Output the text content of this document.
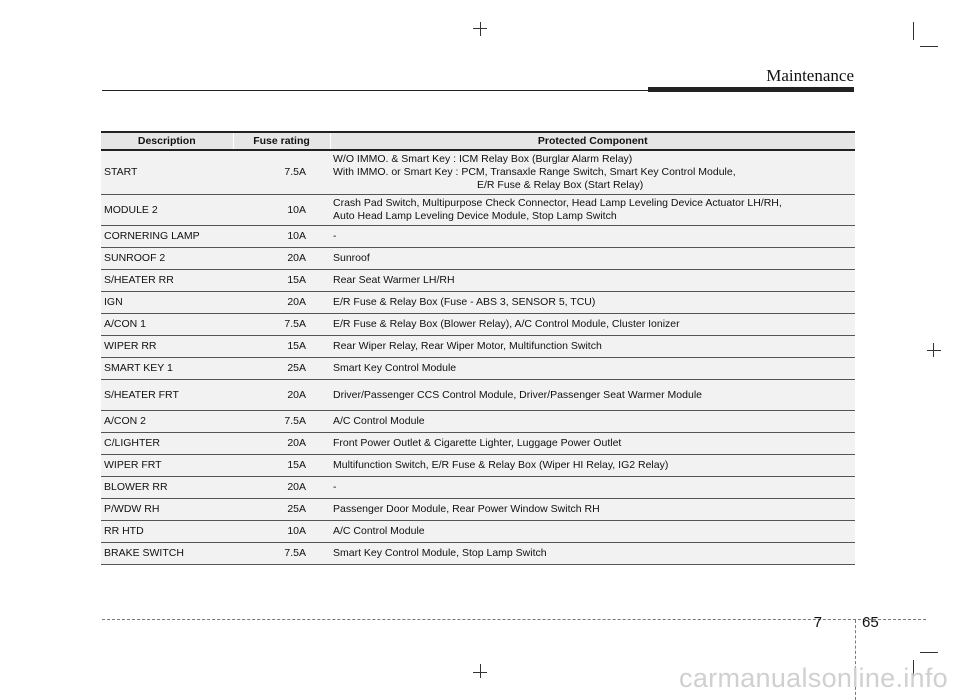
Maintenance
Description	Fuse rating	Protected Component
START	7.5A	W/O IMMO. & Smart Key : ICM Relay Box (Burglar Alarm Relay)
With IMMO. or Smart Key : PCM, Transaxle Range Switch, Smart Key Control Module,
E/R Fuse & Relay Box (Start Relay)

MODULE 2	10A	Crash Pad Switch, Multipurpose Check Connector, Head Lamp Leveling Device Actuator LH/RH,
Auto Head Lamp Leveling Device Module, Stop Lamp Switch

CORNERING LAMP	10A	-
SUNROOF 2	20A	Sunroof
S/HEATER RR	15A	Rear Seat Warmer LH/RH
IGN	20A	E/R Fuse & Relay Box (Fuse - ABS 3, SENSOR 5, TCU)
A/CON 1	7.5A	E/R Fuse & Relay Box (Blower Relay), A/C Control Module, Cluster Ionizer
WIPER RR	15A	Rear Wiper Relay, Rear Wiper Motor, Multifunction Switch
SMART KEY 1	25A	Smart Key Control Module
S/HEATER FRT	20A	Driver/Passenger CCS Control Module, Driver/Passenger Seat Warmer Module
A/CON 2	7.5A	A/C Control Module
C/LIGHTER	20A	Front Power Outlet & Cigarette Lighter, Luggage Power Outlet
WIPER FRT	15A	Multifunction Switch, E/R Fuse & Relay Box (Wiper HI Relay, IG2 Relay)
BLOWER RR	20A	-
P/WDW RH	25A	Passenger Door Module, Rear Power Window Switch RH
RR HTD	10A	A/C Control Module
BRAKE SWITCH	7.5A	Smart Key Control Module, Stop Lamp Switch
7	65
carmanualsonline.info
